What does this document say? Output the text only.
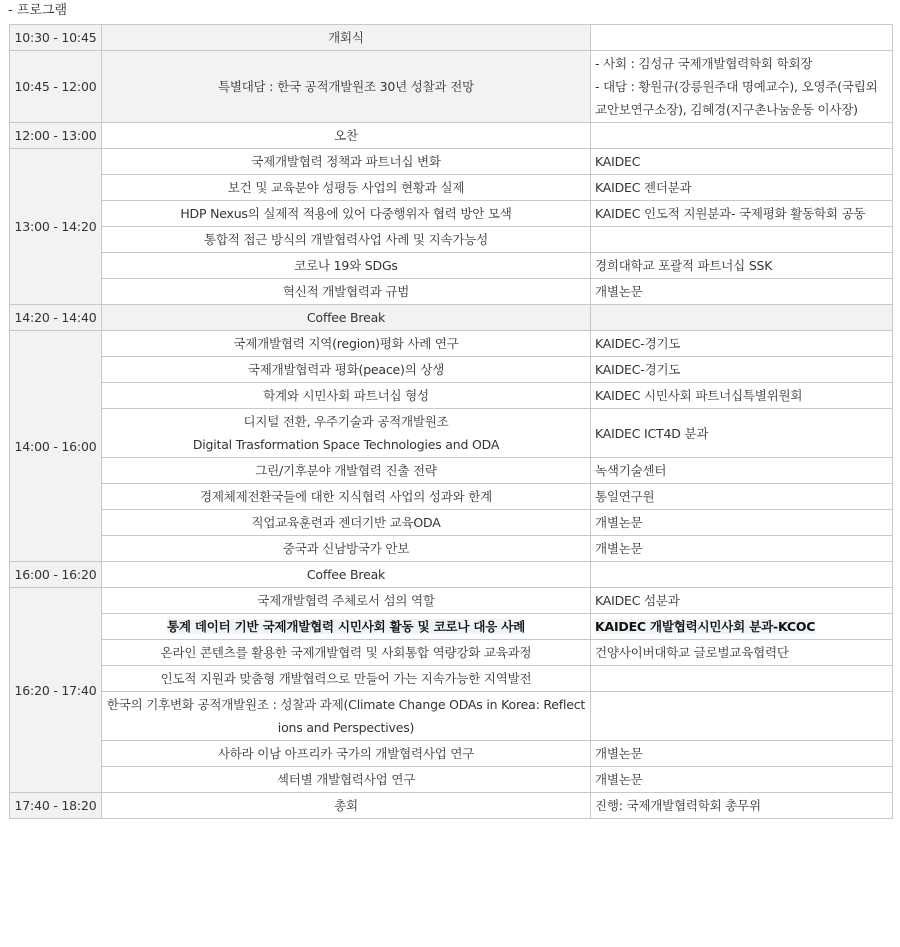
- 프로그램
10:30 - 10:45	개회식	
10:45 - 12:00	특별대담 : 한국 공적개발원조 30년 성찰과 전망	- 사회 : 김성규 국제개발협력학회 학회장
- 대담 : 황원규(강릉원주대 명예교수), 오영주(국립외교안보연구소장), 김혜경(지구촌나눔운동 이사장)

12:00 - 13:00	오찬	
13:00 - 14:20	국제개발협력 정책과 파트너십 변화	KAIDEC
	보건 및 교육분야 성평등 사업의 현황과 실제	KAIDEC 젠더분과
	HDP Nexus의 실제적 적용에 있어 다중행위자 협력 방안 모색	KAIDEC 인도적 지원분과- 국제평화 활동학회 공동
	통합적 접근 방식의 개발협력사업 사례 및 지속가능성	
	코로나 19와 SDGs	경희대학교 포괄적 파트너십 SSK
	혁신적 개발협력과 규범	개별논문
14:20 - 14:40	Coffee Break	
14:00 - 16:00	국제개발협력 지역(region)평화 사례 연구	KAIDEC-경기도
	국제개발협력과 평화(peace)의 상생	KAIDEC-경기도
	학계와 시민사회 파트너십 형성	KAIDEC 시민사회 파트너십특별위원회

	디지털 전환, 우주기술과 공적개발원조
Digital Trasformation Space Technologies and ODA	KAIDEC ICT4D 분과
	그린/기후분야 개발협력 진출 전략	녹색기술센터
	경제체제전환국들에 대한 지식협력 사업의 성과와 한계	통일연구원
	직업교육훈련과 젠더기반 교육ODA	개별논문
	중국과 신남방국가 안보	개별논문
16:00 - 16:20	Coffee Break	
16:20 - 17:40	국제개발협력 주체로서 섬의 역할	KAIDEC 섬분과
	통계 데이터 기반 국제개발협력 시민사회 활동 및 코로나 대응 사례	KAIDEC 개발협력시민사회 분과-KCOC
	온라인 콘텐츠를 활용한 국제개발협력 및 사회통합 역량강화 교육과정	건양사이버대학교 글로벌교육협력단
	인도적 지원과 맞춤형 개발협력으로 만들어 가는 지속가능한 지역발전	
	한국의 기후변화 공적개발원조 : 성찰과 과제(Climate Change ODAs in Korea: Reflections and Perspectives)	
	사하라 이남 아프리카 국가의 개발협력사업 연구	개별논문
	섹터별 개발협력사업 연구	개별논문
17:40 - 18:20	총회	진행: 국제개발협력학회 총무위
